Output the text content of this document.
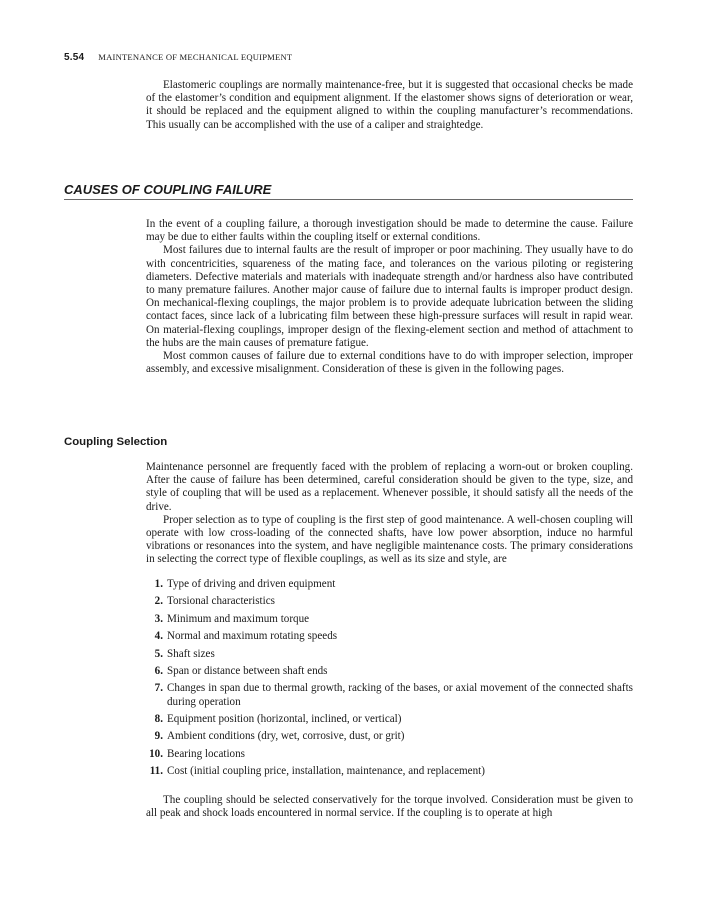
5.54 MAINTENANCE OF MECHANICAL EQUIPMENT

Elastomeric couplings are normally maintenance-free, but it is suggested that occasional checks be made of the elastomer’s condition and equipment alignment. If the elastomer shows signs of deterioration or wear, it should be replaced and the equipment aligned to within the coupling manufacturer’s recommendations. This usually can be accomplished with the use of a caliper and straightedge.

CAUSES OF COUPLING FAILURE

In the event of a coupling failure, a thorough investigation should be made to determine the cause. Failure may be due to either faults within the coupling itself or external conditions.

Most failures due to internal faults are the result of improper or poor machining. They usually have to do with concentricities, squareness of the mating face, and tolerances on the various piloting or registering diameters. Defective materials and materials with inadequate strength and/or hardness also have contributed to many premature failures. Another major cause of failure due to internal faults is improper product design. On mechanical-flexing couplings, the major problem is to provide adequate lubrication between the sliding contact faces, since lack of a lubricating film between these high-pressure surfaces will result in rapid wear. On material-flexing couplings, improper design of the flexing-element section and method of attachment to the hubs are the main causes of premature fatigue.

Most common causes of failure due to external conditions have to do with improper selection, improper assembly, and excessive misalignment. Consideration of these is given in the following pages.

Coupling Selection

Maintenance personnel are frequently faced with the problem of replacing a worn-out or broken coupling. After the cause of failure has been determined, careful consideration should be given to the type, size, and style of coupling that will be used as a replacement. Whenever possible, it should satisfy all the needs of the drive.

Proper selection as to type of coupling is the first step of good maintenance. A well-chosen coupling will operate with low cross-loading of the connected shafts, have low power absorption, induce no harmful vibrations or resonances into the system, and have negligible maintenance costs. The primary considerations in selecting the correct type of flexible couplings, as well as its size and style, are

1. Type of driving and driven equipment
2. Torsional characteristics
3. Minimum and maximum torque
4. Normal and maximum rotating speeds
5. Shaft sizes
6. Span or distance between shaft ends
7. Changes in span due to thermal growth, racking of the bases, or axial movement of the connected shafts during operation
8. Equipment position (horizontal, inclined, or vertical)
9. Ambient conditions (dry, wet, corrosive, dust, or grit)
10. Bearing locations
11. Cost (initial coupling price, installation, maintenance, and replacement)

The coupling should be selected conservatively for the torque involved. Consideration must be given to all peak and shock loads encountered in normal service. If the coupling is to operate at high
